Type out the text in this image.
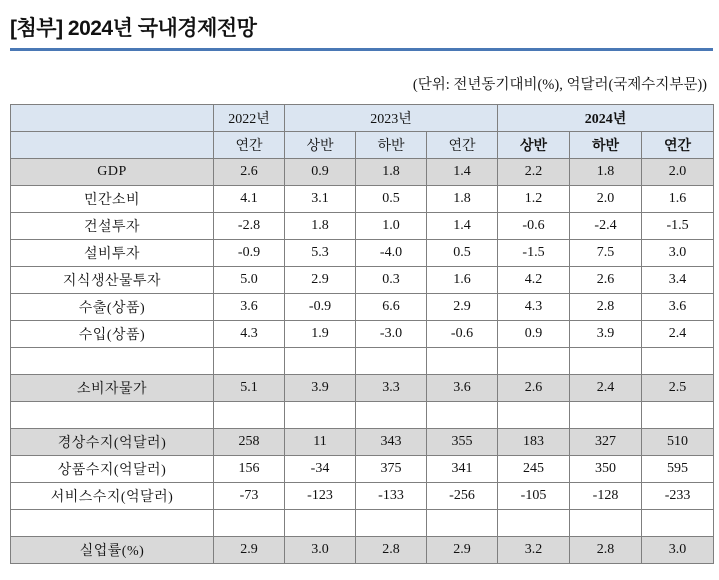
[첨부] 2024년 국내경제전망
(단위: 전년동기대비(%), 억달러(국제수지부문))
	2022년	2023년			2024년		
	연간	상반	하반	연간	상반	하반	연간
GDP	2.6	0.9	1.8	1.4	2.2	1.8	2.0
민간소비	4.1	3.1	0.5	1.8	1.2	2.0	1.6
건설투자	-2.8	1.8	1.0	1.4	-0.6	-2.4	-1.5
설비투자	-0.9	5.3	-4.0	0.5	-1.5	7.5	3.0
지식생산물투자	5.0	2.9	0.3	1.6	4.2	2.6	3.4
수출(상품)	3.6	-0.9	6.6	2.9	4.3	2.8	3.6
수입(상품)	4.3	1.9	-3.0	-0.6	0.9	3.9	2.4

소비자물가	5.1	3.9	3.3	3.6	2.6	2.4	2.5

경상수지(억달러)	258	11	343	355	183	327	510
상품수지(억달러)	156	-34	375	341	245	350	595
서비스수지(억달러)	-73	-123	-133	-256	-105	-128	-233

실업률(%)	2.9	3.0	2.8	2.9	3.2	2.8	3.0
